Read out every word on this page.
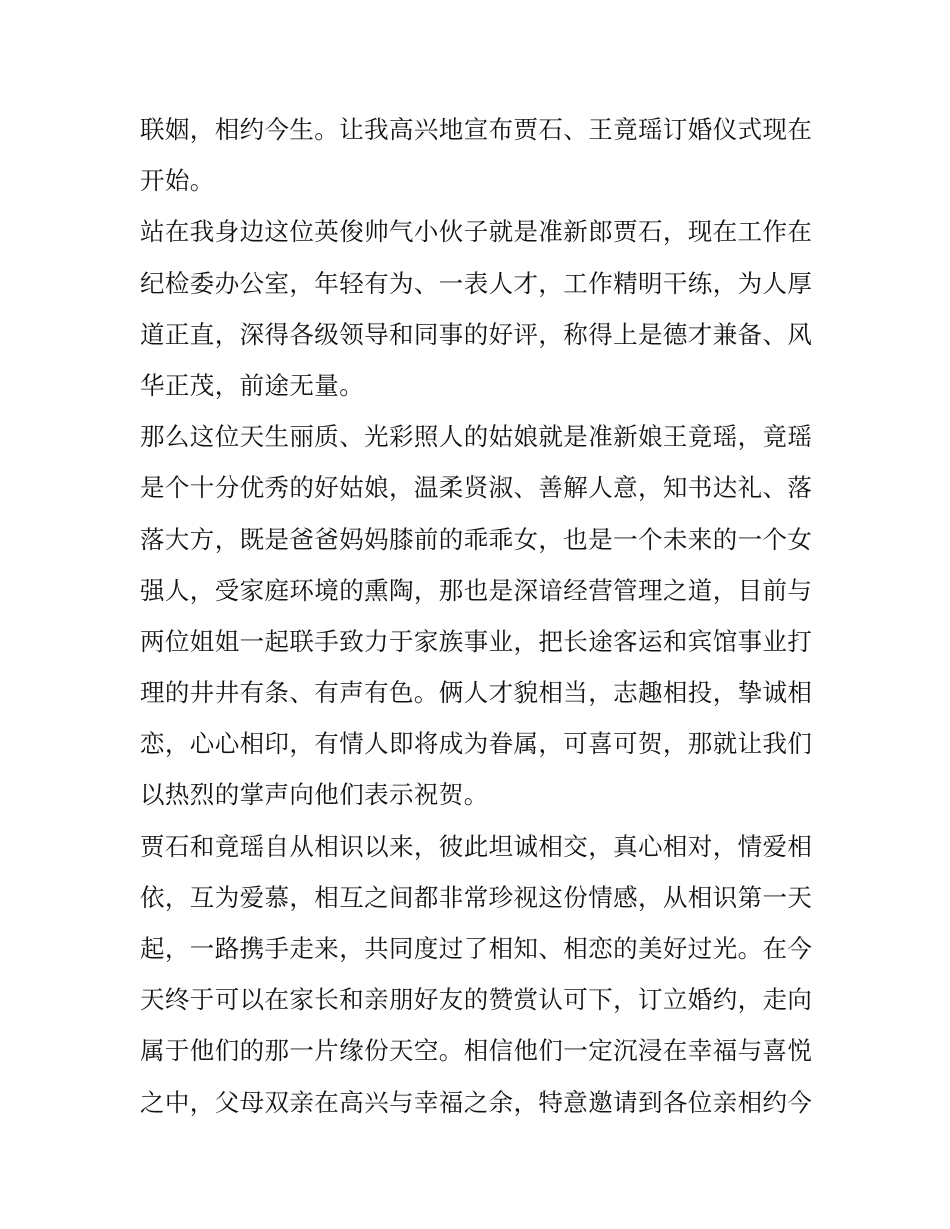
联姻，相约今生。让我高兴地宣布贾石、王竟瑶订婚仪式现在
开始。
站在我身边这位英俊帅气小伙子就是准新郎贾石，现在工作在
纪检委办公室，年轻有为、一表人才，工作精明干练，为人厚
道正直，深得各级领导和同事的好评，称得上是德才兼备、风
华正茂，前途无量。
那么这位天生丽质、光彩照人的姑娘就是准新娘王竟瑶，竟瑶
是个十分优秀的好姑娘，温柔贤淑、善解人意，知书达礼、落
落大方，既是爸爸妈妈膝前的乖乖女，也是一个未来的一个女
强人，受家庭环境的熏陶，那也是深谙经营管理之道，目前与
两位姐姐一起联手致力于家族事业，把长途客运和宾馆事业打
理的井井有条、有声有色。俩人才貌相当，志趣相投，挚诚相
恋，心心相印，有情人即将成为眷属，可喜可贺，那就让我们
以热烈的掌声向他们表示祝贺。
贾石和竟瑶自从相识以来，彼此坦诚相交，真心相对，情爱相
依，互为爱慕，相互之间都非常珍视这份情感，从相识第一天
起，一路携手走来，共同度过了相知、相恋的美好过光。在今
天终于可以在家长和亲朋好友的赞赏认可下，订立婚约，走向
属于他们的那一片缘份天空。相信他们一定沉浸在幸福与喜悦
之中，父母双亲在高兴与幸福之余，特意邀请到各位亲相约今
